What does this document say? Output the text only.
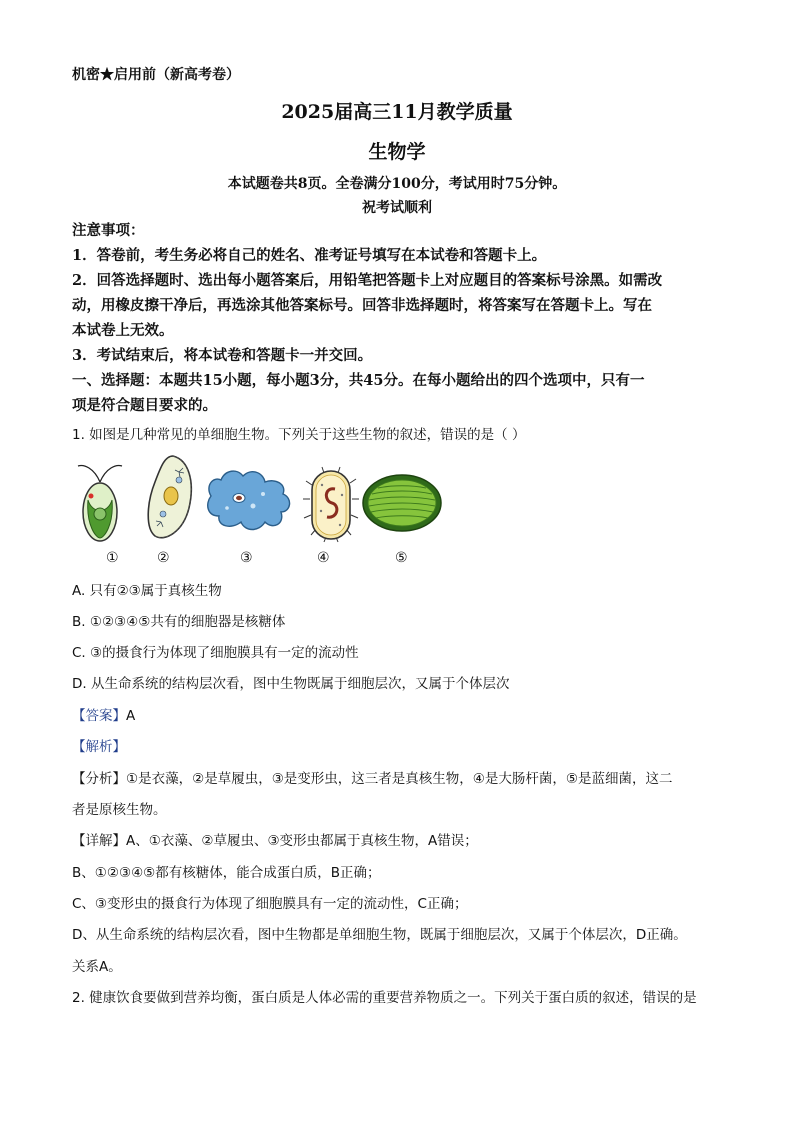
机密★启用前（新高考卷）
2025届高三11月教学质量
生物学
本试题卷共8页。全卷满分100分，考试用时75分钟。
祝考试顺利
注意事项：
1．答卷前，考生务必将自己的姓名、准考证号填写在本试卷和答题卡上。
2．回答选择题时、选出每小题答案后，用铅笔把答题卡上对应题目的答案标号涂黑。如需改
动，用橡皮擦干净后，再选涂其他答案标号。回答非选择题时，将答案写在答题卡上。写在
本试卷上无效。
3．考试结束后，将本试卷和答题卡一并交回。
一、选择题：本题共15小题，每小题3分，共45分。在每小题给出的四个选项中，只有一
项是符合题目要求的。
1. 如图是几种常见的单细胞生物。下列关于这些生物的叙述，错误的是（ ）
①	②	③	④	⑤
A. 只有②③属于真核生物
B. ①②③④⑤共有的细胞器是核糖体
C. ③的摄食行为体现了细胞膜具有一定的流动性
D. 从生命系统的结构层次看，图中生物既属于细胞层次，又属于个体层次
【答案】A
【解析】
【分析】①是衣藻，②是草履虫，③是变形虫，这三者是真核生物，④是大肠杆菌，⑤是蓝细菌，这二
者是原核生物。
【详解】A、①衣藻、②草履虫、③变形虫都属于真核生物，A错误；
B、①②③④⑤都有核糖体，能合成蛋白质，B正确；
C、③变形虫的摄食行为体现了细胞膜具有一定的流动性，C正确；
D、从生命系统的结构层次看，图中生物都是单细胞生物，既属于细胞层次，又属于个体层次，D正确。
关系A。
2. 健康饮食要做到营养均衡，蛋白质是人体必需的重要营养物质之一。下列关于蛋白质的叙述，错误的是
